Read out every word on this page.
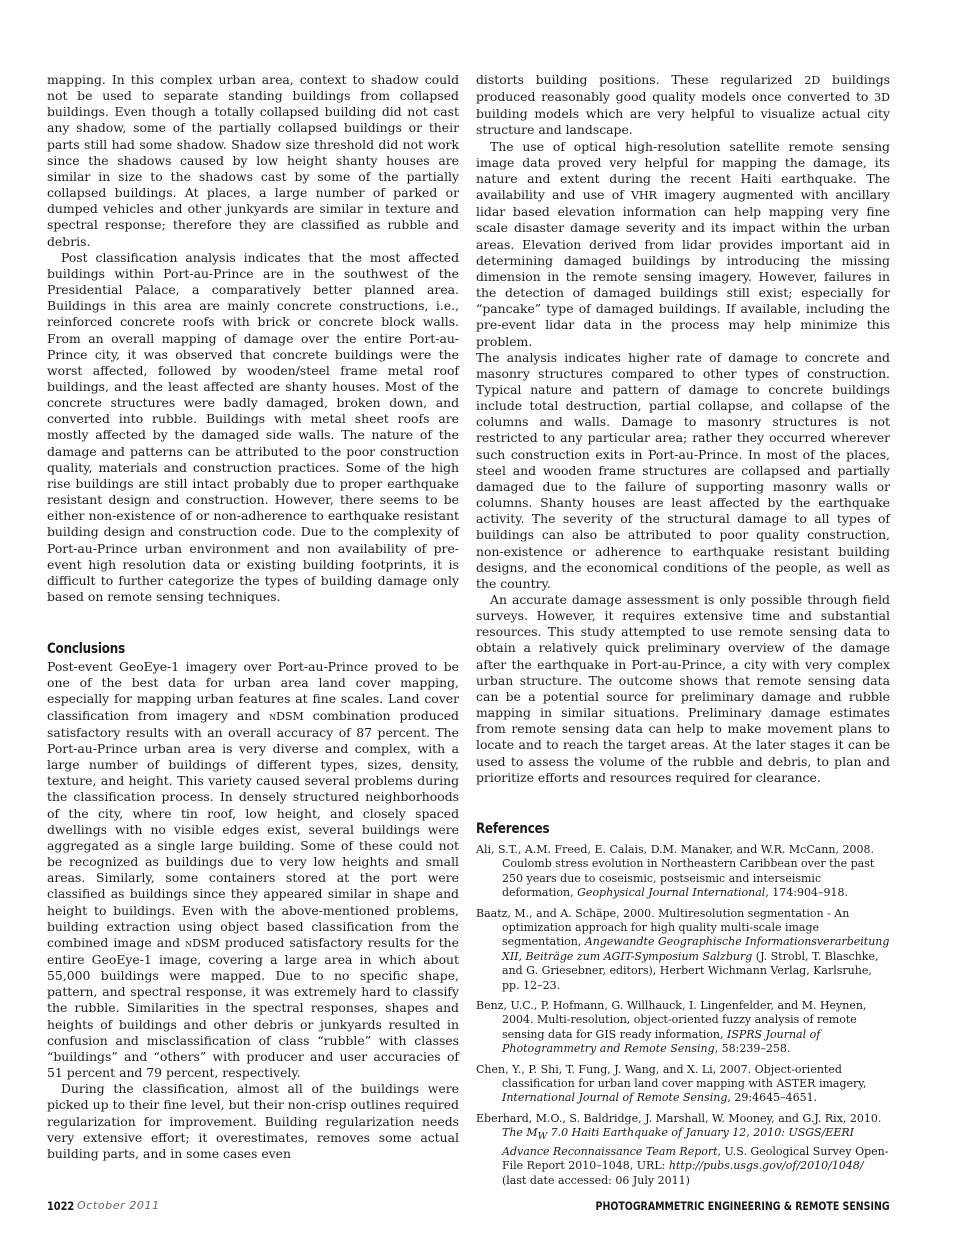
mapping. In this complex urban area, context to shadow could not be used to separate standing buildings from collapsed buildings. Even though a totally collapsed building did not cast any shadow, some of the partially collapsed buildings or their parts still had some shadow. Shadow size threshold did not work since the shadows caused by low height shanty houses are similar in size to the shadows cast by some of the partially collapsed buildings. At places, a large number of parked or dumped vehicles and other junkyards are similar in texture and spectral response; therefore they are classified as rubble and debris.

Post classification analysis indicates that the most affected buildings within Port-au-Prince are in the southwest of the Presidential Palace, a comparatively better planned area. Buildings in this area are mainly concrete constructions, i.e., reinforced concrete roofs with brick or concrete block walls. From an overall mapping of damage over the entire Port-au-Prince city, it was observed that concrete buildings were the worst affected, followed by wooden/steel frame metal roof buildings, and the least affected are shanty houses. Most of the concrete structures were badly damaged, broken down, and converted into rubble. Buildings with metal sheet roofs are mostly affected by the damaged side walls. The nature of the damage and patterns can be attributed to the poor construction quality, materials and construction practices. Some of the high rise buildings are still intact probably due to proper earthquake resistant design and construction. However, there seems to be either non-existence of or non-adherence to earthquake resistant building design and construction code. Due to the complexity of Port-au-Prince urban environment and non availability of pre-event high resolution data or existing building footprints, it is difficult to further categorize the types of building damage only based on remote sensing techniques.

Conclusions

Post-event GeoEye-1 imagery over Port-au-Prince proved to be one of the best data for urban area land cover mapping, especially for mapping urban features at fine scales. Land cover classification from imagery and nDSM combination produced satisfactory results with an overall accuracy of 87 percent. The Port-au-Prince urban area is very diverse and complex, with a large number of buildings of different types, sizes, density, texture, and height. This variety caused several problems during the classification process. In densely structured neighborhoods of the city, where tin roof, low height, and closely spaced dwellings with no visible edges exist, several buildings were aggregated as a single large building. Some of these could not be recognized as buildings due to very low heights and small areas. Similarly, some containers stored at the port were classified as buildings since they appeared similar in shape and height to buildings. Even with the above-mentioned problems, building extraction using object based classification from the combined image and nDSM produced satisfactory results for the entire GeoEye-1 image, covering a large area in which about 55,000 buildings were mapped. Due to no specific shape, pattern, and spectral response, it was extremely hard to classify the rubble. Similarities in the spectral responses, shapes and heights of buildings and other debris or junkyards resulted in confusion and misclassification of class “rubble” with classes “buildings” and “others” with producer and user accuracies of 51 percent and 79 percent, respectively.

During the classification, almost all of the buildings were picked up to their fine level, but their non-crisp outlines required regularization for improvement. Building regularization needs very extensive effort; it overestimates, removes some actual building parts, and in some cases even

distorts building positions. These regularized 2D buildings produced reasonably good quality models once converted to 3D building models which are very helpful to visualize actual city structure and landscape.

The use of optical high-resolution satellite remote sensing image data proved very helpful for mapping the damage, its nature and extent during the recent Haiti earthquake. The availability and use of VHR imagery augmented with ancillary lidar based elevation information can help mapping very fine scale disaster damage severity and its impact within the urban areas. Elevation derived from lidar provides important aid in determining damaged buildings by introducing the missing dimension in the remote sensing imagery. However, failures in the detection of damaged buildings still exist; especially for “pancake” type of damaged buildings. If available, including the pre-event lidar data in the process may help minimize this problem.

The analysis indicates higher rate of damage to concrete and masonry structures compared to other types of construction. Typical nature and pattern of damage to concrete buildings include total destruction, partial collapse, and collapse of the columns and walls. Damage to masonry structures is not restricted to any particular area; rather they occurred wherever such construction exits in Port-au-Prince. In most of the places, steel and wooden frame structures are collapsed and partially damaged due to the failure of supporting masonry walls or columns. Shanty houses are least affected by the earthquake activity. The severity of the structural damage to all types of buildings can also be attributed to poor quality construction, non-existence or adherence to earthquake resistant building designs, and the economical conditions of the people, as well as the country.

An accurate damage assessment is only possible through field surveys. However, it requires extensive time and substantial resources. This study attempted to use remote sensing data to obtain a relatively quick preliminary overview of the damage after the earthquake in Port-au-Prince, a city with very complex urban structure. The outcome shows that remote sensing data can be a potential source for preliminary damage and rubble mapping in similar situations. Preliminary damage estimates from remote sensing data can help to make movement plans to locate and to reach the target areas. At the later stages it can be used to assess the volume of the rubble and debris, to plan and prioritize efforts and resources required for clearance.

References

Ali, S.T., A.M. Freed, E. Calais, D.M. Manaker, and W.R. McCann, 2008. Coulomb stress evolution in Northeastern Caribbean over the past 250 years due to coseismic, postseismic and interseismic deformation, Geophysical Journal International, 174:904–918.

Baatz, M., and A. Schäpe, 2000. Multiresolution segmentation - An optimization approach for high quality multi-scale image segmentation, Angewandte Geographische Informationsverarbeitung XII, Beiträge zum AGIT-Symposium Salzburg (J. Strobl, T. Blaschke, and G. Griesebner, editors), Herbert Wichmann Verlag, Karlsruhe, pp. 12–23.

Benz, U.C., P. Hofmann, G. Willhauck, I. Lingenfelder, and M. Heynen, 2004. Multi-resolution, object-oriented fuzzy analysis of remote sensing data for GIS ready information, ISPRS Journal of Photogrammetry and Remote Sensing, 58:239–258.

Chen, Y., P. Shi, T. Fung, J. Wang, and X. Li, 2007. Object-oriented classification for urban land cover mapping with ASTER imagery, International Journal of Remote Sensing, 29:4645–4651.

Eberhard, M.O., S. Baldridge, J. Marshall, W. Mooney, and G.J. Rix, 2010. The $M_W$ 7.0 Haiti Earthquake of January 12, 2010: USGS/EERI Advance Reconnaissance Team Report, U.S. Geological Survey Open-File Report 2010–1048, URL: http://pubs.usgs.gov/of/2010/1048/ (last date accessed: 06 July 2011)

1022 October 2011	PHOTOGRAMMETRIC ENGINEERING & REMOTE SENSING
